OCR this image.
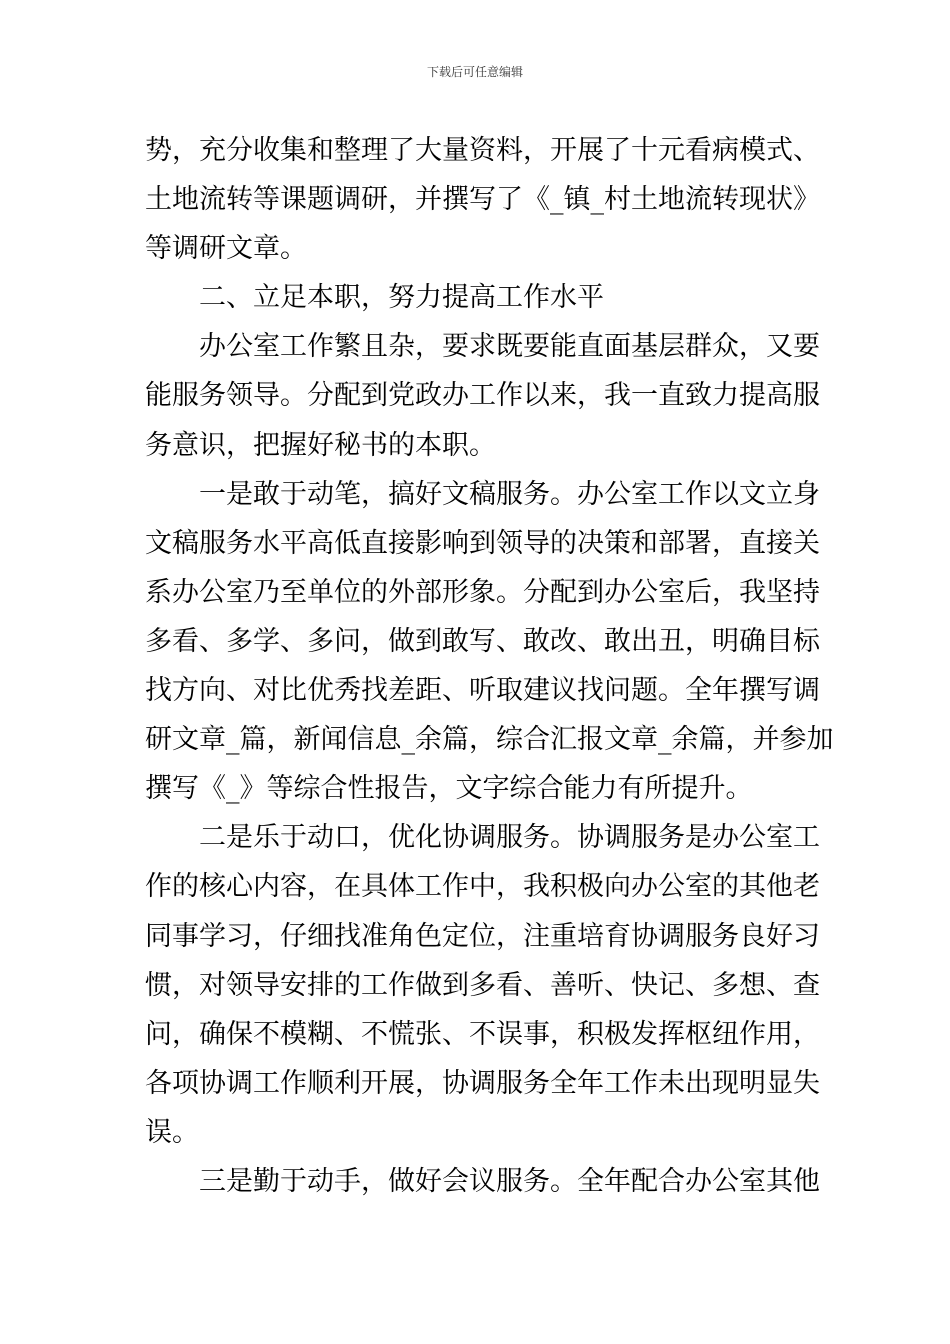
下载后可任意编辑
势，充分收集和整理了大量资料，开展了十元看病模式、
土地流转等课题调研，并撰写了《_镇_村土地流转现状》
等调研文章。
二、立足本职，努力提高工作水平
办公室工作繁且杂，要求既要能直面基层群众，又要
能服务领导。分配到党政办工作以来，我一直致力提高服
务意识，把握好秘书的本职。
一是敢于动笔，搞好文稿服务。办公室工作以文立身
文稿服务水平高低直接影响到领导的决策和部署，直接关
系办公室乃至单位的外部形象。分配到办公室后，我坚持
多看、多学、多问，做到敢写、敢改、敢出丑，明确目标
找方向、对比优秀找差距、听取建议找问题。全年撰写调
研文章_篇，新闻信息_余篇，综合汇报文章_余篇，并参加
撰写《_》等综合性报告，文字综合能力有所提升。
二是乐于动口，优化协调服务。协调服务是办公室工
作的核心内容，在具体工作中，我积极向办公室的其他老
同事学习，仔细找准角色定位，注重培育协调服务良好习
惯，对领导安排的工作做到多看、善听、快记、多想、查
问，确保不模糊、不慌张、不误事，积极发挥枢纽作用，
各项协调工作顺利开展，协调服务全年工作未出现明显失
误。
三是勤于动手，做好会议服务。全年配合办公室其他
